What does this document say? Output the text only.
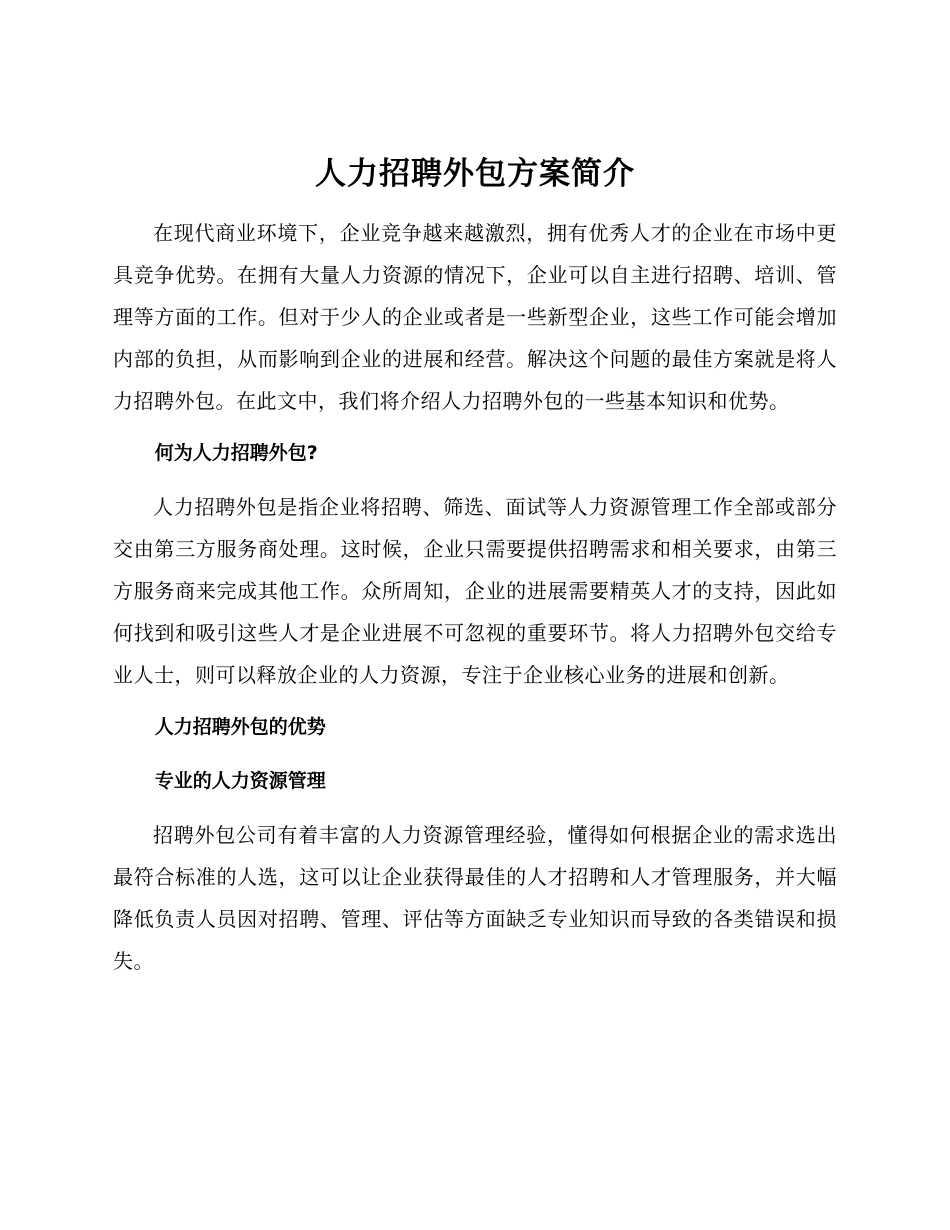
人力招聘外包方案简介

在现代商业环境下，企业竞争越来越激烈，拥有优秀人才的企业在市场中更具竞争优势。在拥有大量人力资源的情况下，企业可以自主进行招聘、培训、管理等方面的工作。但对于少人的企业或者是一些新型企业，这些工作可能会增加内部的负担，从而影响到企业的进展和经营。解决这个问题的最佳方案就是将人力招聘外包。在此文中，我们将介绍人力招聘外包的一些基本知识和优势。

何为人力招聘外包?

人力招聘外包是指企业将招聘、筛选、面试等人力资源管理工作全部或部分交由第三方服务商处理。这时候，企业只需要提供招聘需求和相关要求，由第三方服务商来完成其他工作。众所周知，企业的进展需要精英人才的支持，因此如何找到和吸引这些人才是企业进展不可忽视的重要环节。将人力招聘外包交给专业人士，则可以释放企业的人力资源，专注于企业核心业务的进展和创新。

人力招聘外包的优势

专业的人力资源管理

招聘外包公司有着丰富的人力资源管理经验，懂得如何根据企业的需求选出最符合标准的人选，这可以让企业获得最佳的人才招聘和人才管理服务，并大幅降低负责人员因对招聘、管理、评估等方面缺乏专业知识而导致的各类错误和损失。
